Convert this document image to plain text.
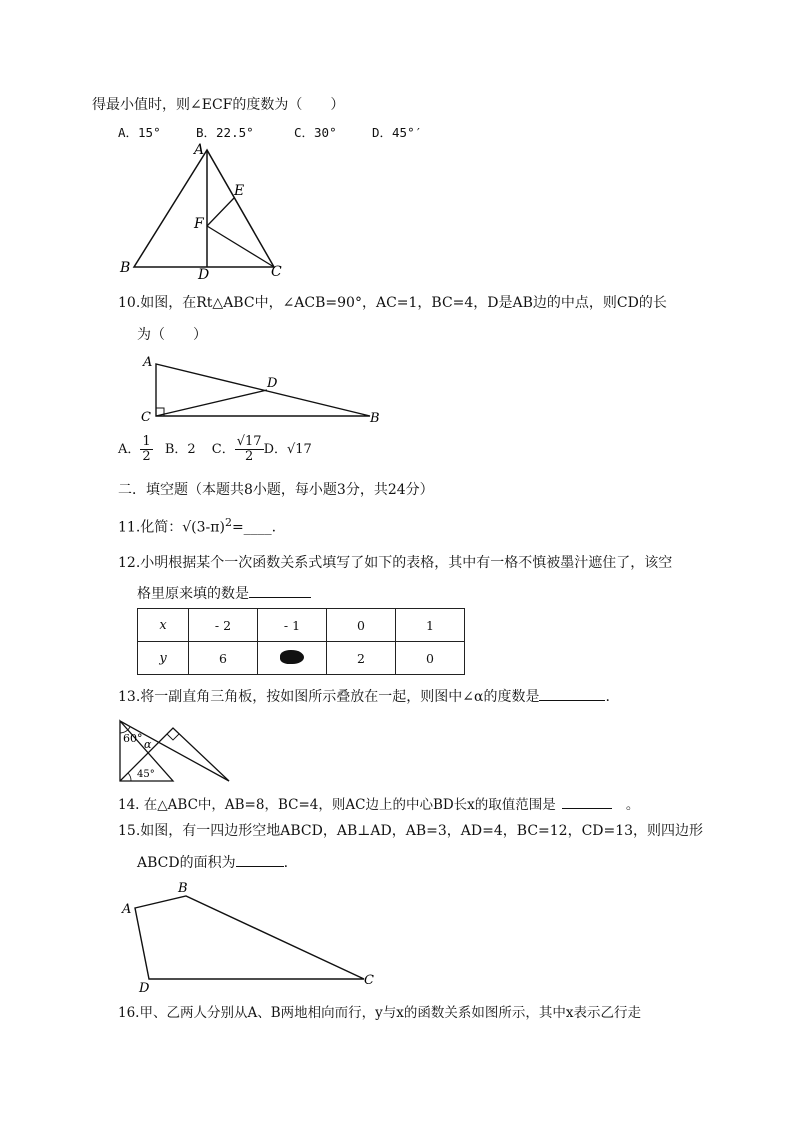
得最小值时，则∠ECF的度数为（　　）
A．15°	B．22.5°	C．30°	D．45°′
A
B	C
D
E
F
10.如图，在Rt△ABC中，∠ACB=90°，AC=1，BC=4，D是AB边的中点，则CD的长
为（　　）
A
B
C
D
A． $\frac{1}{2}$ B．2 C． $\frac{√17}{2}$ D．√17
二．填空题（本题共8小题，每小题3分，共24分）
11.化简：$√(3-\pi)^2=\_\_\_\_$.
12.小明根据某个一次函数关系式填写了如下的表格，其中有一格不慎被墨汁遮住了，该空
格里原来填的数是
x	- 2	- 1	0	1
y	6		2	0
13.将一副直角三角板，按如图所示叠放在一起，则图中∠α的度数是	.
60° α
45°
14. 在△ABC中，AB=8，BC=4，则AC边上的中心BD长x的取值范围是	。
15.如图，有一四边形空地ABCD，AB⊥AD，AB=3，AD=4，BC=12，CD=13，则四边形
ABCD的面积为	.
A
B
C
D
16.甲、乙两人分别从A、B两地相向而行，y与x的函数关系如图所示，其中x表示乙行走
